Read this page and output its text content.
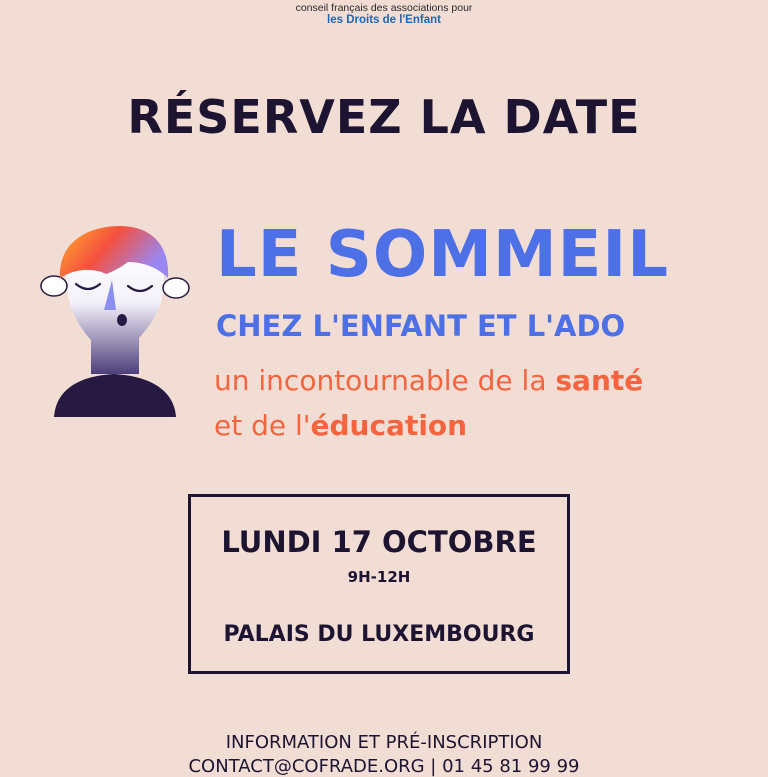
conseil français des associations pour
les Droits de l'Enfant
RÉSERVEZ LA DATE
LE SOMMEIL
CHEZ L'ENFANT ET L'ADO
un incontournable de la santé
et de l'éducation
LUNDI 17 OCTOBRE
9H-12H
PALAIS DU LUXEMBOURG
INFORMATION ET PRÉ-INSCRIPTION
CONTACT@COFRADE.ORG | 01 45 81 99 99
